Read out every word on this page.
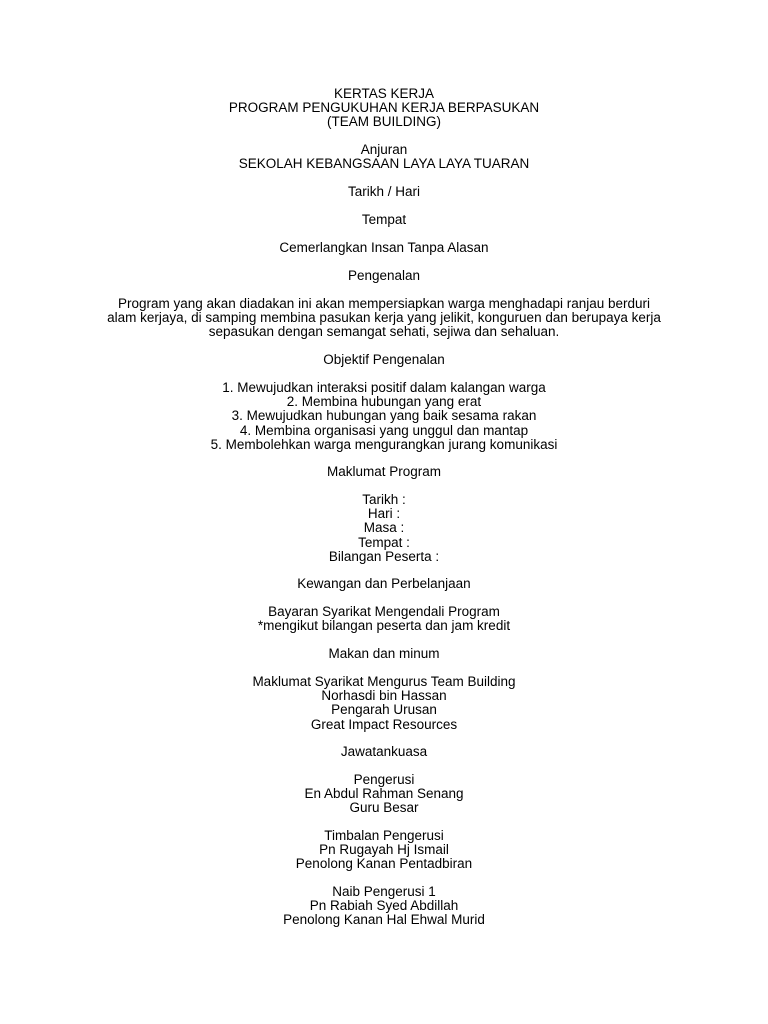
KERTAS KERJA
PROGRAM PENGUKUHAN KERJA BERPASUKAN
(TEAM BUILDING)
Anjuran
SEKOLAH KEBANGSAAN LAYA LAYA TUARAN
Tarikh / Hari
Tempat
Cemerlangkan Insan Tanpa Alasan
Pengenalan
Program yang akan diadakan ini akan mempersiapkan warga menghadapi ranjau berduri
alam kerjaya, di samping membina pasukan kerja yang jelikit, konguruen dan berupaya kerja
sepasukan dengan semangat sehati, sejiwa dan sehaluan.
Objektif Pengenalan
1. Mewujudkan interaksi positif dalam kalangan warga
2. Membina hubungan yang erat
3. Mewujudkan hubungan yang baik sesama rakan
4. Membina organisasi yang unggul dan mantap
5. Membolehkan warga mengurangkan jurang komunikasi
Maklumat Program
Tarikh :
Hari :
Masa :
Tempat :
Bilangan Peserta :
Kewangan dan Perbelanjaan
Bayaran Syarikat Mengendali Program
*mengikut bilangan peserta dan jam kredit
Makan dan minum
Maklumat Syarikat Mengurus Team Building
Norhasdi bin Hassan
Pengarah Urusan
Great Impact Resources
Jawatankuasa
Pengerusi
En Abdul Rahman Senang
Guru Besar
Timbalan Pengerusi
Pn Rugayah Hj Ismail
Penolong Kanan Pentadbiran
Naib Pengerusi 1
Pn Rabiah Syed Abdillah
Penolong Kanan Hal Ehwal Murid
